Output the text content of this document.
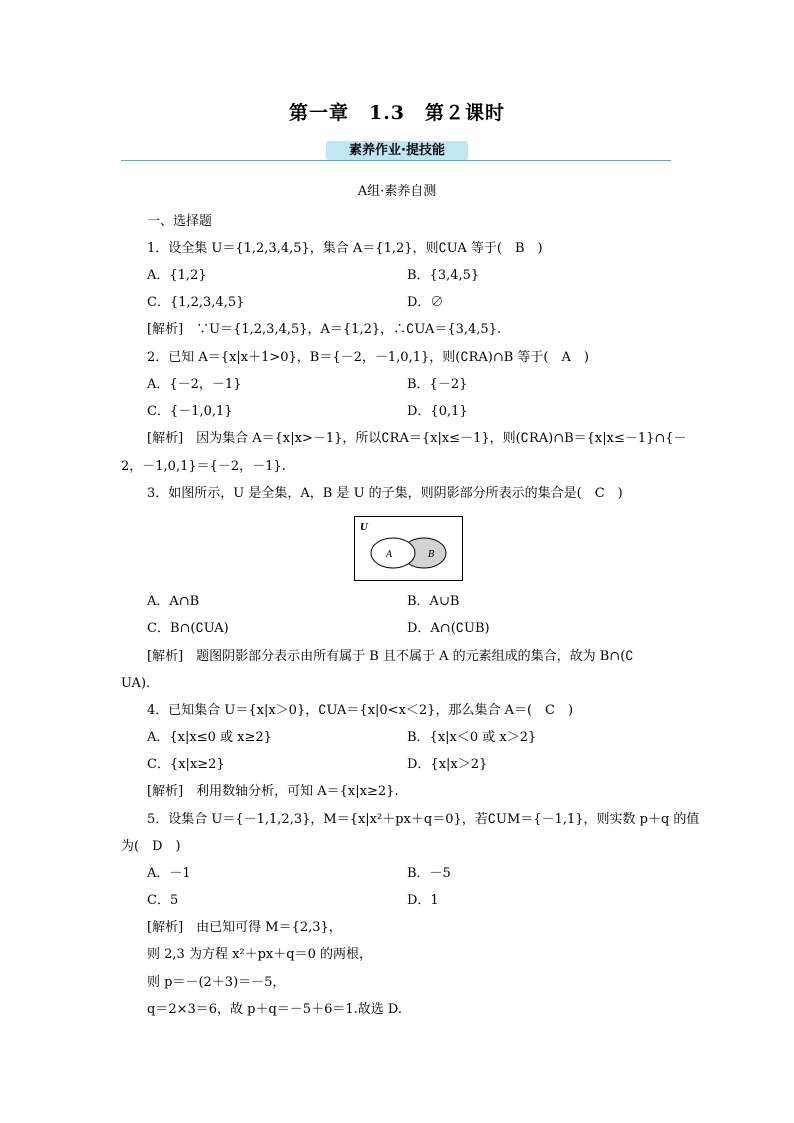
第一章　1.3　第２课时
素养作业·提技能
A组·素养自测
一、选择题
1．设全集 U＝{1,2,3,4,5}，集合 A＝{1,2}，则∁UA 等于(　B　)
A．{1,2}	B．{3,4,5}
C．{1,2,3,4,5}	D．∅
[解析]　∵U＝{1,2,3,4,5}，A＝{1,2}，∴∁UA＝{3,4,5}.
2．已知 A＝{x|x＋1>0}，B＝{－2，－1,0,1}，则(∁RA)∩B 等于(　A　)
A．{－2，－1}	B．{－2}
C．{－1,0,1}	D．{0,1}
[解析]　因为集合 A＝{x|x>－1}，所以∁RA＝{x|x≤－1}，则(∁RA)∩B＝{x|x≤－1}∩{－
2，－1,0,1}＝{－2，－1}.
3．如图所示，U 是全集，A，B 是 U 的子集，则阴影部分所表示的集合是(　C　)
U
A	B
A．A∩B	B．A∪B
C．B∩(∁UA)	D．A∩(∁UB)
[解析]　题图阴影部分表示由所有属于 B 且不属于 A 的元素组成的集合，故为 B∩(∁
UA).
4．已知集合 U＝{x|x＞0}，∁UA＝{x|0<x＜2}，那么集合 A＝(　C　)
A．{x|x≤0 或 x≥2}	B．{x|x＜0 或 x＞2}
C．{x|x≥2}	D．{x|x＞2}
[解析]　利用数轴分析，可知 A＝{x|x≥2}.
5．设集合 U＝{－1,1,2,3}，M＝{x|x²＋px＋q＝0}，若∁UM＝{－1,1}，则实数 p＋q 的值
为(　D　)
A．－1	B．－5
C．5	D．1
[解析]　由已知可得 M＝{2,3}，
则 2,3 为方程 x²＋px＋q＝0 的两根，
则 p＝－(2＋3)＝－5，
q＝2×3＝6，故 p＋q＝－5＋6＝1.故选 D.
